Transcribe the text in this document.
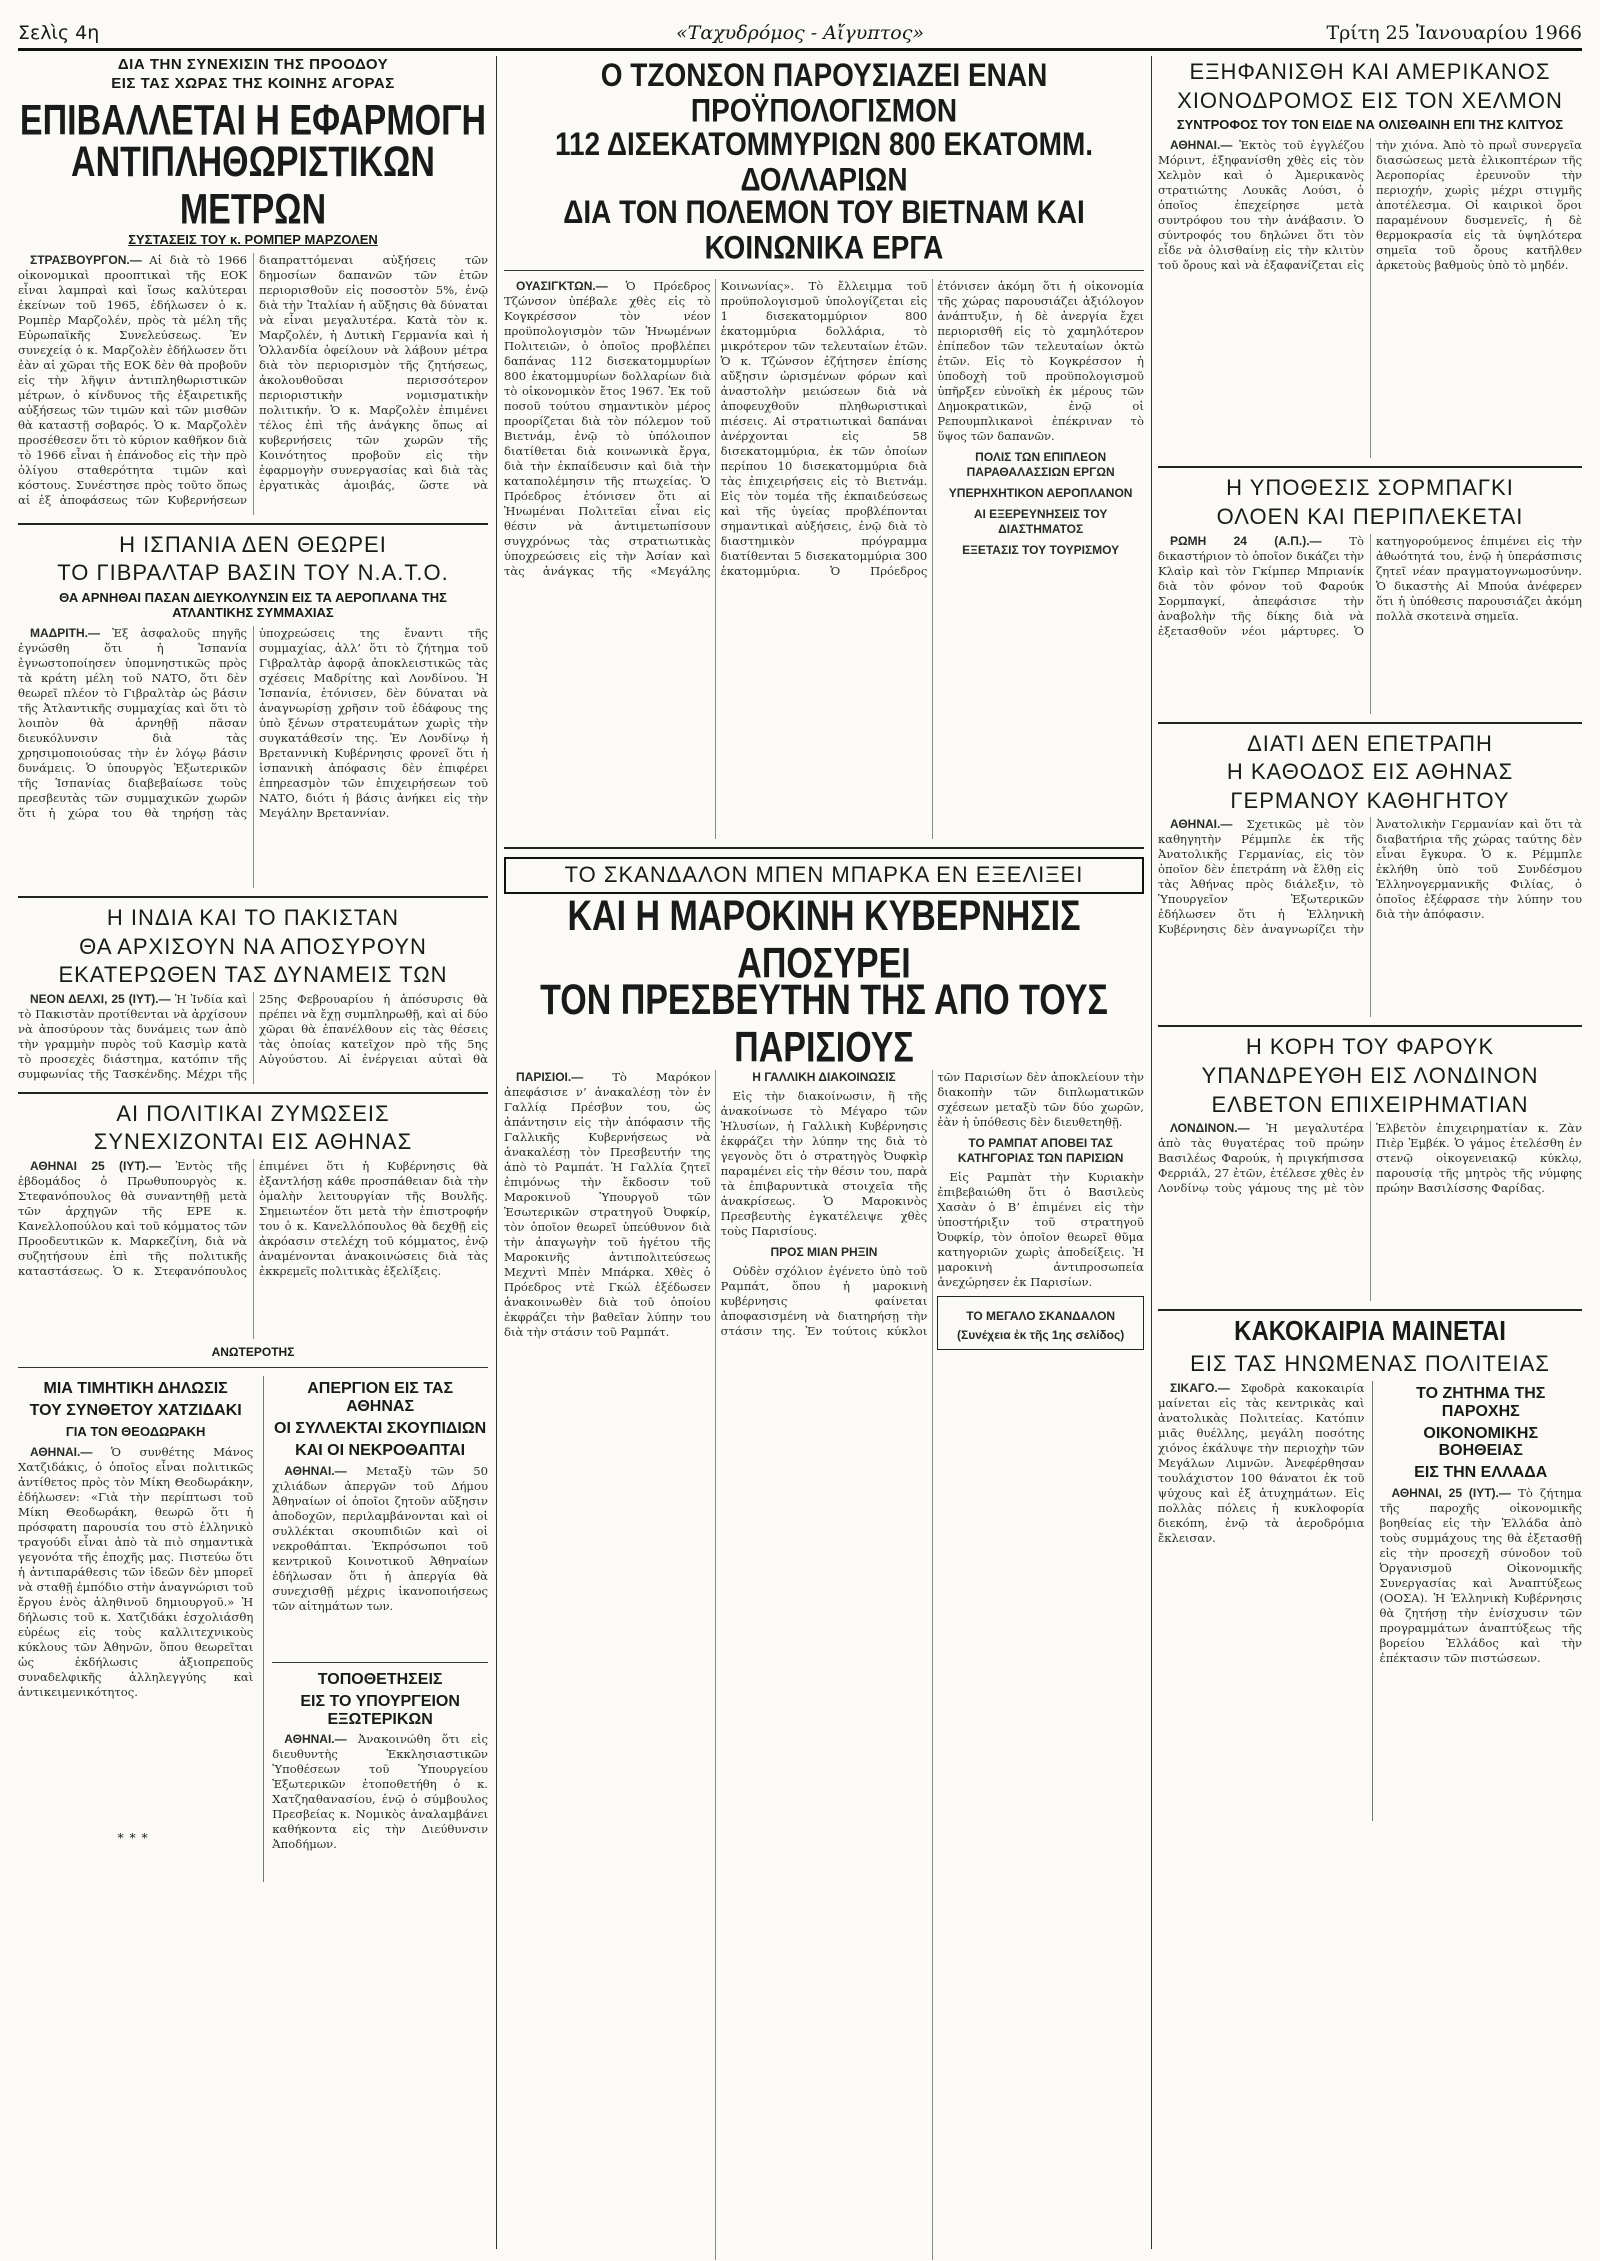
Σελὶς 4η	«Ταχυδρόμος - Αἴγυπτος»	Τρίτη 25 Ἰανουαρίου 1966
ΔΙΑ ΤΗΝ ΣΥΝΕΧΙΣΙΝ ΤΗΣ ΠΡΟΟΔΟΥ
ΕΙΣ ΤΑΣ ΧΩΡΑΣ ΤΗΣ ΚΟΙΝΗΣ ΑΓΟΡΑΣ
ΕΠΙΒΑΛΛΕΤΑΙ Η ΕΦΑΡΜΟΓΗ
ΑΝΤΙΠΛΗΘΩΡΙΣΤΙΚΩΝ ΜΕΤΡΩΝ
ΣΥΣΤΑΣΕΙΣ ΤΟΥ κ. ΡΟΜΠΕΡ ΜΑΡΖΟΛΕΝ

ΣΤΡΑΣΒΟΥΡΓΟΝ.— Αἱ διὰ τὸ 1966 οἰκονομικαὶ προοπτικαὶ τῆς ΕΟΚ εἶναι λαμπραὶ καὶ ἴσως καλύτεραι ἐκείνων τοῦ 1965, ἐδήλωσεν ὁ κ. Ρομπὲρ Μαρζολέν, πρὸς τὰ μέλη τῆς Εὐρωπαϊκῆς Συνελεύσεως. Ἐν συνεχείᾳ ὁ κ. Μαρζολὲν ἐδήλωσεν ὅτι ἐὰν αἱ χῶραι τῆς ΕΟΚ δὲν θὰ προβοῦν εἰς τὴν λῆψιν ἀντιπληθωριστικῶν μέτρων, ὁ κίνδυνος τῆς ἐξαιρετικῆς αὐξήσεως τῶν τιμῶν καὶ τῶν μισθῶν θὰ καταστῇ σοβαρός. Ὁ κ. Μαρζολὲν προσέθεσεν ὅτι τὸ κύριον καθῆκον διὰ τὸ 1966 εἶναι ἡ ἐπάνοδος εἰς τὴν πρὸ ὀλίγου σταθερότητα τιμῶν καὶ κόστους. Συνέστησε πρὸς τοῦτο ὅπως αἱ ἐξ ἀποφάσεως τῶν Κυβερνήσεων διαπραττόμεναι αὐξήσεις τῶν δημοσίων δαπανῶν τῶν ἐτῶν περιορισθοῦν εἰς ποσοστὸν 5%, ἐνῷ διὰ τὴν Ἰταλίαν ἡ αὔξησις θὰ δύναται νὰ εἶναι μεγαλυτέρα. Κατὰ τὸν κ. Μαρζολέν, ἡ Δυτικὴ Γερμανία καὶ ἡ Ὁλλανδία ὀφείλουν νὰ λάβουν μέτρα διὰ τὸν περιορισμὸν τῆς ζητήσεως, ἀκολουθοῦσαι περισσότερον περιοριστικὴν νομισματικὴν πολιτικήν. Ὁ κ. Μαρζολὲν ἐπιμένει τέλος ἐπὶ τῆς ἀνάγκης ὅπως αἱ κυβερνήσεις τῶν χωρῶν τῆς Κοινότητος προβοῦν εἰς τὴν ἐφαρμογὴν συνεργασίας καὶ διὰ τὰς ἐργατικὰς ἀμοιβάς, ὥστε νὰ

Η ΙΣΠΑΝΙΑ ΔΕΝ ΘΕΩΡΕΙ
ΤΟ ΓΙΒΡΑΛΤΑΡ ΒΑΣΙΝ ΤΟΥ Ν.Α.Τ.Ο.
ΘΑ ΑΡΝΗΘΑΙ ΠΑΣΑΝ ΔΙΕΥΚΟΛΥΝΣΙΝ ΕΙΣ ΤΑ ΑΕΡΟΠΛΑΝΑ ΤΗΣ ΑΤΛΑΝΤΙΚΗΣ ΣΥΜΜΑΧΙΑΣ

ΜΑΔΡΙΤΗ.— Ἐξ ἀσφαλοῦς πηγῆς ἐγνώσθη ὅτι ἡ Ἱσπανία ἐγνωστοποίησεν ὑπομνηστικῶς πρὸς τὰ κράτη μέλη τοῦ ΝΑΤΟ, ὅτι δὲν θεωρεῖ πλέον τὸ Γιβραλτὰρ ὡς βάσιν τῆς Ἀτλαντικῆς συμμαχίας καὶ ὅτι τὸ λοιπὸν θὰ ἀρνηθῇ πᾶσαν διευκόλυνσιν διὰ τὰς χρησιμοποιούσας τὴν ἐν λόγῳ βάσιν δυνάμεις. Ὁ ὑπουργὸς Ἐξωτερικῶν τῆς Ἱσπανίας διαβεβαίωσε τοὺς πρεσβευτὰς τῶν συμμαχικῶν χωρῶν ὅτι ἡ χώρα του θὰ τηρήσῃ τὰς ὑποχρεώσεις της ἔναντι τῆς συμμαχίας, ἀλλ’ ὅτι τὸ ζήτημα τοῦ Γιβραλτὰρ ἀφορᾷ ἀποκλειστικῶς τὰς σχέσεις Μαδρίτης καὶ Λονδίνου. Ἡ Ἱσπανία, ἐτόνισεν, δὲν δύναται νὰ ἀναγνωρίσῃ χρῆσιν τοῦ ἐδάφους της ὑπὸ ξένων στρατευμάτων χωρὶς τὴν συγκατάθεσίν της. Ἐν Λονδίνῳ ἡ Βρεταννικὴ Κυβέρνησις φρονεῖ ὅτι ἡ ἱσπανικὴ ἀπόφασις δὲν ἐπιφέρει ἐπηρεασμὸν τῶν ἐπιχειρήσεων τοῦ ΝΑΤΟ, διότι ἡ βάσις ἀνήκει εἰς τὴν Μεγάλην Βρεταννίαν.

Η ΙΝΔΙΑ ΚΑΙ ΤΟ ΠΑΚΙΣΤΑΝ
ΘΑ ΑΡΧΙΣΟΥΝ ΝΑ ΑΠΟΣΥΡΟΥΝ
ΕΚΑΤΕΡΩΘΕΝ ΤΑΣ ΔΥΝΑΜΕΙΣ ΤΩΝ

ΝΕΟΝ ΔΕΛΧΙ, 25 (ΙΥΤ).— Ἡ Ἰνδία καὶ τὸ Πακιστὰν προτίθενται νὰ ἀρχίσουν νὰ ἀποσύρουν τὰς δυνάμεις των ἀπὸ τὴν γραμμὴν πυρὸς τοῦ Κασμὶρ κατὰ τὸ προσεχὲς διάστημα, κατόπιν τῆς συμφωνίας τῆς Τασκένδης. Μέχρι τῆς 25ης Φεβρουαρίου ἡ ἀπόσυρσις θὰ πρέπει νὰ ἔχῃ συμπληρωθῇ, καὶ αἱ δύο χῶραι θὰ ἐπανέλθουν εἰς τὰς θέσεις τὰς ὁποίας κατεῖχον πρὸ τῆς 5ης Αὐγούστου. Αἱ ἐνέργειαι αὐταὶ θὰ

ΑΙ ΠΟΛΙΤΙΚΑΙ ΖΥΜΩΣΕΙΣ
ΣΥΝΕΧΙΖΟΝΤΑΙ ΕΙΣ ΑΘΗΝΑΣ

ΑΘΗΝΑΙ 25 (ΙΥΤ).— Ἐντὸς τῆς ἑβδομάδος ὁ Πρωθυπουργὸς κ. Στεφανόπουλος θὰ συναντηθῇ μετὰ τῶν ἀρχηγῶν τῆς ΕΡΕ κ. Κανελλοπούλου καὶ τοῦ κόμματος τῶν Προοδευτικῶν κ. Μαρκεζίνη, διὰ νὰ συζητήσουν ἐπὶ τῆς πολιτικῆς καταστάσεως. Ὁ κ. Στεφανόπουλος ἐπιμένει ὅτι ἡ Κυβέρνησις θὰ ἐξαντλήσῃ κάθε προσπάθειαν διὰ τὴν ὁμαλὴν λειτουργίαν τῆς Βουλῆς. Σημειωτέον ὅτι μετὰ τὴν ἐπιστροφήν του ὁ κ. Κανελλόπουλος θὰ δεχθῇ εἰς ἀκρόασιν στελέχη τοῦ κόμματος, ἐνῷ ἀναμένονται ἀνακοινώσεις διὰ τὰς ἐκκρεμεῖς πολιτικὰς ἐξελίξεις.

ΑΝΩΤΕΡΟΤΗΣ
ΜΙΑ ΤΙΜΗΤΙΚΗ ΔΗΛΩΣΙΣ
ΤΟΥ ΣΥΝΘΕΤΟΥ ΧΑΤΖΙΔΑΚΙ
ΓΙΑ ΤΟΝ ΘΕΟΔΩΡΑΚΗ

ΑΘΗΝΑΙ.— Ὁ συνθέτης Μάνος Χατζιδάκις, ὁ ὁποῖος εἶναι πολιτικῶς ἀντίθετος πρὸς τὸν Μίκη Θεοδωράκην, ἐδήλωσεν: «Γιὰ τὴν περίπτωσι τοῦ Μίκη Θεοδωράκη, θεωρῶ ὅτι ἡ πρόσφατη παρουσία του στὸ ἑλληνικὸ τραγούδι εἶναι ἀπὸ τὰ πιὸ σημαντικὰ γεγονότα τῆς ἐποχῆς μας. Πιστεύω ὅτι ἡ ἀντιπαράθεσις τῶν ἰδεῶν δὲν μπορεῖ νὰ σταθῇ ἐμπόδιο στὴν ἀναγνώρισι τοῦ ἔργου ἑνὸς ἀληθινοῦ δημιουργοῦ.» Ἡ δήλωσις τοῦ κ. Χατζιδάκι ἐσχολιάσθη εὐρέως εἰς τοὺς καλλιτεχνικοὺς κύκλους τῶν Ἀθηνῶν, ὅπου θεωρεῖται ὡς ἐκδήλωσις ἀξιοπρεποῦς συναδελφικῆς ἀλληλεγγύης καὶ ἀντικειμενικότητος.

***
ΑΠΕΡΓΙΟΝ ΕΙΣ ΤΑΣ ΑΘΗΝΑΣ
ΟΙ ΣΥΛΛΕΚΤΑΙ ΣΚΟΥΠΙΔΙΩΝ
ΚΑΙ ΟΙ ΝΕΚΡΟΘΑΠΤΑΙ

ΑΘΗΝΑΙ.— Μεταξὺ τῶν 50 χιλιάδων ἀπεργῶν τοῦ Δήμου Ἀθηναίων οἱ ὁποῖοι ζητοῦν αὔξησιν ἀποδοχῶν, περιλαμβάνονται καὶ οἱ συλλέκται σκουπιδιῶν καὶ οἱ νεκροθάπται. Ἐκπρόσωποι τοῦ κεντρικοῦ Κοινοτικοῦ Ἀθηναίων ἐδήλωσαν ὅτι ἡ ἀπεργία θὰ συνεχισθῇ μέχρις ἱκανοποιήσεως τῶν αἰτημάτων των.

ΤΟΠΟΘΕΤΗΣΕΙΣ
ΕΙΣ ΤΟ ΥΠΟΥΡΓΕΙΟΝ ΕΞΩΤΕΡΙΚΩΝ

ΑΘΗΝΑΙ.— Ἀνακοινώθη ὅτι εἰς διευθυντὴς Ἐκκλησιαστικῶν Ὑποθέσεων τοῦ Ὑπουργείου Ἐξωτερικῶν ἐτοποθετήθη ὁ κ. Χατζηαθανασίου, ἐνῷ ὁ σύμβουλος Πρεσβείας κ. Νομικὸς ἀναλαμβάνει καθήκοντα εἰς τὴν Διεύθυνσιν Ἀποδήμων.

Ο ΤΖΟΝΣΟΝ ΠΑΡΟΥΣΙΑΖΕΙ ΕΝΑΝ ΠΡΟΫΠΟΛΟΓΙΣΜΟΝ
112 ΔΙΣΕΚΑΤΟΜΜΥΡΙΩΝ 800 ΕΚΑΤΟΜΜ. ΔΟΛΛΑΡΙΩΝ
ΔΙΑ ΤΟΝ ΠΟΛΕΜΟΝ ΤΟΥ ΒΙΕΤΝΑΜ ΚΑΙ ΚΟΙΝΩΝΙΚΑ ΕΡΓΑ

ΟΥΑΣΙΓΚΤΩΝ.— Ὁ Πρόεδρος Τζώνσον ὑπέβαλε χθὲς εἰς τὸ Κογκρέσσον τὸν νέον προϋπολογισμὸν τῶν Ἡνωμένων Πολιτειῶν, ὁ ὁποῖος προβλέπει δαπάνας 112 δισεκατομμυρίων 800 ἑκατομμυρίων δολλαρίων διὰ τὸ οἰκονομικὸν ἔτος 1967. Ἐκ τοῦ ποσοῦ τούτου σημαντικὸν μέρος προορίζεται διὰ τὸν πόλεμον τοῦ Βιετνάμ, ἐνῷ τὸ ὑπόλοιπον διατίθεται διὰ κοινωνικὰ ἔργα, διὰ τὴν ἐκπαίδευσιν καὶ διὰ τὴν καταπολέμησιν τῆς πτωχείας. Ὁ Πρόεδρος ἐτόνισεν ὅτι αἱ Ἡνωμέναι Πολιτεῖαι εἶναι εἰς θέσιν νὰ ἀντιμετωπίσουν συγχρόνως τὰς στρατιωτικὰς ὑποχρεώσεις εἰς τὴν Ἀσίαν καὶ τὰς ἀνάγκας τῆς «Μεγάλης Κοινωνίας». Τὸ ἔλλειμμα τοῦ προϋπολογισμοῦ ὑπολογίζεται εἰς 1 δισεκατομμύριον 800 ἑκατομμύρια δολλάρια, τὸ μικρότερον τῶν τελευταίων ἐτῶν. Ὁ κ. Τζώνσον ἐζήτησεν ἐπίσης αὔξησιν ὡρισμένων φόρων καὶ ἀναστολὴν μειώσεων διὰ νὰ ἀποφευχθοῦν πληθωριστικαὶ πιέσεις. Αἱ στρατιωτικαὶ δαπάναι ἀνέρχονται εἰς 58 δισεκατομμύρια, ἐκ τῶν ὁποίων περίπου 10 δισεκατομμύρια διὰ τὰς ἐπιχειρήσεις εἰς τὸ Βιετνάμ. Εἰς τὸν τομέα τῆς ἐκπαιδεύσεως καὶ τῆς ὑγείας προβλέπονται σημαντικαὶ αὐξήσεις, ἐνῷ διὰ τὸ διαστημικὸν πρόγραμμα διατίθενται 5 δισεκατομμύρια 300 ἑκατομμύρια. Ὁ Πρόεδρος ἐτόνισεν ἀκόμη ὅτι ἡ οἰκονομία τῆς χώρας παρουσιάζει ἀξιόλογον ἀνάπτυξιν, ἡ δὲ ἀνεργία ἔχει περιορισθῆ εἰς τὸ χαμηλότερον ἐπίπεδον τῶν τελευταίων ὀκτὼ ἐτῶν. Εἰς τὸ Κογκρέσσον ἡ ὑποδοχὴ τοῦ προϋπολογισμοῦ ὑπῆρξεν εὐνοϊκὴ ἐκ μέρους τῶν Δημοκρατικῶν, ἐνῷ οἱ Ρεπουμπλικανοὶ ἐπέκριναν τὸ ὕψος τῶν δαπανῶν.

ΠΟΛΙΣ ΤΩΝ ΕΠΙΠΛΕΟΝ ΠΑΡΑΘΑΛΑΣΣΙΩΝ ΕΡΓΩΝ
ΥΠΕΡΗΧΗΤΙΚΟΝ ΑΕΡΟΠΛΑΝΟΝ
ΑΙ ΕΞΕΡΕΥΝΗΣΕΙΣ ΤΟΥ ΔΙΑΣΤΗΜΑΤΟΣ
ΕΞΕΤΑΣΙΣ ΤΟΥ ΤΟΥΡΙΣΜΟΥ
ΤΟ ΣΚΑΝΔΑΛΟΝ ΜΠΕΝ ΜΠΑΡΚΑ ΕΝ ΕΞΕΛΙΞΕΙ
ΚΑΙ Η ΜΑΡΟΚΙΝΗ ΚΥΒΕΡΝΗΣΙΣ ΑΠΟΣΥΡΕΙ
ΤΟΝ ΠΡΕΣΒΕΥΤΗΝ ΤΗΣ ΑΠΟ ΤΟΥΣ ΠΑΡΙΣΙΟΥΣ

ΠΑΡΙΣΙΟΙ.— Τὸ Μαρόκον ἀπεφάσισε ν’ ἀνακαλέσῃ τὸν ἐν Γαλλίᾳ Πρέσβυν του, ὡς ἀπάντησιν εἰς τὴν ἀπόφασιν τῆς Γαλλικῆς Κυβερνήσεως νὰ ἀνακαλέσῃ τὸν Πρεσβευτήν της ἀπὸ τὸ Ραμπάτ. Ἡ Γαλλία ζητεῖ ἐπιμόνως τὴν ἔκδοσιν τοῦ Μαροκινοῦ Ὑπουργοῦ τῶν Ἐσωτερικῶν στρατηγοῦ Ὀυφκίρ, τὸν ὁποῖον θεωρεῖ ὑπεύθυνον διὰ τὴν ἀπαγωγὴν τοῦ ἡγέτου τῆς Μαροκινῆς ἀντιπολιτεύσεως Μεχντὶ Μπὲν Μπάρκα. Χθὲς ὁ Πρόεδρος ντὲ Γκώλ ἐξέδωσεν ἀνακοινωθὲν διὰ τοῦ ὁποίου ἐκφράζει τὴν βαθεῖαν λύπην του διὰ τὴν στάσιν τοῦ Ραμπάτ.

Η ΓΑΛΛΙΚΗ ΔΙΑΚΟΙΝΩΣΙΣ

Εἰς τὴν διακοίνωσιν, ἣ τῆς ἀνακοίνωσε τὸ Μέγαρο τῶν Ἠλυσίων, ἡ Γαλλικὴ Κυβέρνησις ἐκφράζει τὴν λύπην της διὰ τὸ γεγονὸς ὅτι ὁ στρατηγὸς Ὀυφκὶρ παραμένει εἰς τὴν θέσιν του, παρὰ τὰ ἐπιβαρυντικὰ στοιχεῖα τῆς ἀνακρίσεως. Ὁ Μαροκινὸς Πρεσβευτὴς ἐγκατέλειψε χθὲς τοὺς Παρισίους.

ΠΡΟΣ ΜΙΑΝ ΡΗΞΙΝ

Οὐδὲν σχόλιον ἐγένετο ὑπὸ τοῦ Ραμπάτ, ὅπου ἡ μαροκινὴ κυβέρνησις φαίνεται ἀποφασισμένη νὰ διατηρήσῃ τὴν στάσιν της. Ἐν τούτοις κύκλοι τῶν Παρισίων δὲν ἀποκλείουν τὴν διακοπὴν τῶν διπλωματικῶν σχέσεων μεταξὺ τῶν δύο χωρῶν, ἐὰν ἡ ὑπόθεσις δὲν διευθετηθῇ.

ΤΟ ΡΑΜΠΑΤ ΑΠΟΒΕΙ ΤΑΣ ΚΑΤΗΓΟΡΙΑΣ ΤΩΝ ΠΑΡΙΣΙΩΝ

Εἰς Ραμπὰτ τὴν Κυριακὴν ἐπιβεβαιώθη ὅτι ὁ Βασιλεὺς Χασὰν ὁ Β’ ἐπιμένει εἰς τὴν ὑποστήριξιν τοῦ στρατηγοῦ Ὀυφκίρ, τὸν ὁποῖον θεωρεῖ θῦμα κατηγοριῶν χωρὶς ἀποδείξεις. Ἡ μαροκινὴ ἀντιπροσωπεία ἀνεχώρησεν ἐκ Παρισίων.

ΤΟ ΜΕΓΑΛΟ ΣΚΑΝΔΑΛΟΝ
(Συνέχεια ἐκ τῆς 1ης σελίδος)
ΕΞΗΦΑΝΙΣΘΗ ΚΑΙ ΑΜΕΡΙΚΑΝΟΣ
ΧΙΟΝΟΔΡΟΜΟΣ ΕΙΣ ΤΟΝ ΧΕΛΜΟΝ
ΣΥΝΤΡΟΦΟΣ ΤΟΥ ΤΟΝ ΕΙΔΕ ΝΑ ΟΛΙΣΘΑΙΝΗ ΕΠΙ ΤΗΣ ΚΛΙΤΥΟΣ

ΑΘΗΝΑΙ.— Ἐκτὸς τοῦ ἐγγλέζου Μόριντ, ἐξηφανίσθη χθὲς εἰς τὸν Χελμὸν καὶ ὁ Ἀμερικανὸς στρατιώτης Λουκᾶς Λούσι, ὁ ὁποῖος ἐπεχείρησε μετὰ συντρόφου του τὴν ἀνάβασιν. Ὁ σύντροφός του δηλώνει ὅτι τὸν εἶδε νὰ ὀλισθαίνῃ εἰς τὴν κλιτὺν τοῦ ὄρους καὶ νὰ ἐξαφανίζεται εἰς τὴν χιόνα. Ἀπὸ τὸ πρωῒ συνεργεῖα διασώσεως μετὰ ἐλικοπτέρων τῆς Ἀεροπορίας ἐρευνοῦν τὴν περιοχήν, χωρὶς μέχρι στιγμῆς ἀποτέλεσμα. Οἱ καιρικοὶ ὅροι παραμένουν δυσμενεῖς, ἡ δὲ θερμοκρασία εἰς τὰ ὑψηλότερα σημεῖα τοῦ ὄρους κατῆλθεν ἀρκετοὺς βαθμοὺς ὑπὸ τὸ μηδέν.

Η ΥΠΟΘΕΣΙΣ ΣΟΡΜΠΑΓΚΙ
ΟΛΟΕΝ ΚΑΙ ΠΕΡΙΠΛΕΚΕΤΑΙ

ΡΩΜΗ 24 (Α.Π.).— Τὸ δικαστήριον τὸ ὁποῖον δικάζει τὴν Κλαὶρ καὶ τὸν Γκίμπερ Μπριανίκ διὰ τὸν φόνον τοῦ Φαρούκ Σορμπαγκί, ἀπεφάσισε τὴν ἀναβολὴν τῆς δίκης διὰ νὰ ἐξετασθοῦν νέοι μάρτυρες. Ὁ κατηγορούμενος ἐπιμένει εἰς τὴν ἀθωότητά του, ἐνῷ ἡ ὑπεράσπισις ζητεῖ νέαν πραγματογνωμοσύνην. Ὁ δικαστὴς Αἱ Μπούα ἀνέφερεν ὅτι ἡ ὑπόθεσις παρουσιάζει ἀκόμη πολλὰ σκοτεινὰ σημεῖα.

ΔΙΑΤΙ ΔΕΝ ΕΠΕΤΡΑΠΗ
Η ΚΑΘΟΔΟΣ ΕΙΣ ΑΘΗΝΑΣ
ΓΕΡΜΑΝΟΥ ΚΑΘΗΓΗΤΟΥ

ΑΘΗΝΑΙ.— Σχετικῶς μὲ τὸν καθηγητὴν Ρέμμπλε ἐκ τῆς Ἀνατολικῆς Γερμανίας, εἰς τὸν ὁποῖον δὲν ἐπετράπη νὰ ἔλθῃ εἰς τὰς Ἀθήνας πρὸς διάλεξιν, τὸ Ὑπουργεῖον Ἐξωτερικῶν ἐδήλωσεν ὅτι ἡ Ἑλληνικὴ Κυβέρνησις δὲν ἀναγνωρίζει τὴν Ἀνατολικὴν Γερμανίαν καὶ ὅτι τὰ διαβατήρια τῆς χώρας ταύτης δὲν εἶναι ἔγκυρα. Ὁ κ. Ρέμμπλε ἐκλήθη ὑπὸ τοῦ Συνδέσμου Ἑλληνογερμανικῆς Φιλίας, ὁ ὁποῖος ἐξέφρασε τὴν λύπην του διὰ τὴν ἀπόφασιν.

Η ΚΟΡΗ ΤΟΥ ΦΑΡΟΥΚ
ΥΠΑΝΔΡΕΥΘΗ ΕΙΣ ΛΟΝΔΙΝΟΝ
ΕΛΒΕΤΟΝ ΕΠΙΧΕΙΡΗΜΑΤΙΑΝ

ΛΟΝΔΙΝΟΝ.— Ἡ μεγαλυτέρα ἀπὸ τὰς θυγατέρας τοῦ πρώην Βασιλέως Φαρούκ, ἡ πριγκήπισσα Φερριάλ, 27 ἐτῶν, ἐτέλεσε χθὲς ἐν Λονδίνῳ τοὺς γάμους της μὲ τὸν Ἑλβετὸν ἐπιχειρηματίαν κ. Ζὰν Πιὲρ Ἐμβέκ. Ὁ γάμος ἐτελέσθη ἐν στενῷ οἰκογενειακῷ κύκλῳ, παρουσίᾳ τῆς μητρὸς τῆς νύμφης πρώην Βασιλίσσης Φαρίδας.

ΚΑΚΟΚΑΙΡΙΑ ΜΑΙΝΕΤΑΙ
ΕΙΣ ΤΑΣ ΗΝΩΜΕΝΑΣ ΠΟΛΙΤΕΙΑΣ

ΣΙΚΑΓΟ.— Σφοδρὰ κακοκαιρία μαίνεται εἰς τὰς κεντρικὰς καὶ ἀνατολικὰς Πολιτείας. Κατόπιν μιᾶς θυέλλης, μεγάλη ποσότης χιόνος ἐκάλυψε τὴν περιοχὴν τῶν Μεγάλων Λιμνῶν. Ἀνεφέρθησαν τουλάχιστον 100 θάνατοι ἐκ τοῦ ψύχους καὶ ἐξ ἀτυχημάτων. Εἰς πολλὰς πόλεις ἡ κυκλοφορία διεκόπη, ἐνῷ τὰ ἀεροδρόμια ἔκλεισαν.

ΤΟ ΖΗΤΗΜΑ ΤΗΣ ΠΑΡΟΧΗΣ
ΟΙΚΟΝΟΜΙΚΗΣ ΒΟΗΘΕΙΑΣ
ΕΙΣ ΤΗΝ ΕΛΛΑΔΑ

ΑΘΗΝΑΙ, 25 (ΙΥΤ).— Τὸ ζήτημα τῆς παροχῆς οἰκονομικῆς βοηθείας εἰς τὴν Ἑλλάδα ἀπὸ τοὺς συμμάχους της θὰ ἐξετασθῇ εἰς τὴν προσεχῆ σύνοδον τοῦ Ὀργανισμοῦ Οἰκονομικῆς Συνεργασίας καὶ Ἀναπτύξεως (ΟΟΣΑ). Ἡ Ἑλληνικὴ Κυβέρνησις θὰ ζητήσῃ τὴν ἐνίσχυσιν τῶν προγραμμάτων ἀναπτύξεως τῆς βορείου Ἑλλάδος καὶ τὴν ἐπέκτασιν τῶν πιστώσεων.
